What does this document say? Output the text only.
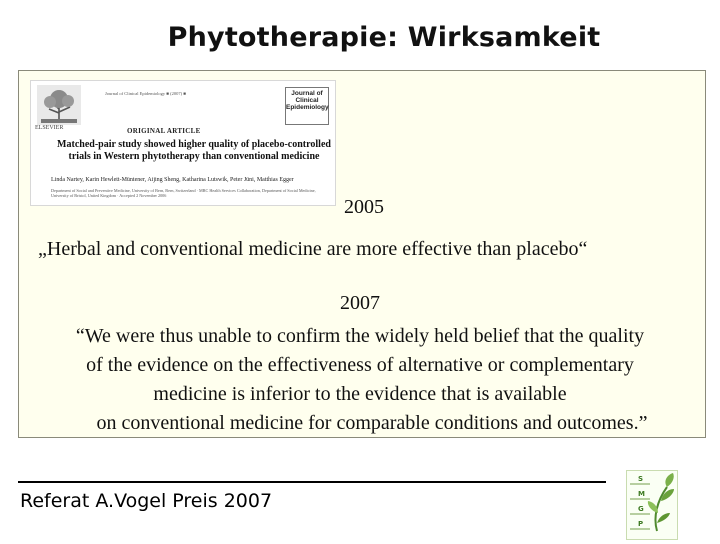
Phytotherapie: Wirksamkeit
ELSEVIER
Journal of Clinical Epidemiology ■ (2007) ■	Journal of Clinical Epidemiology
ORIGINAL ARTICLE
Matched-pair study showed higher quality of placebo-controlled trials in Western phytotherapy than conventional medicine
Linda Nartey, Karin Hewlett-Müntener, Aijing Sheng, Katharina Lutswik, Peter Jüni, Matthias Egger
Department of Social and Preventive Medicine, University of Bern, Bern, Switzerland · MRC Health Services Collaboration, Department of Social Medicine, University of Bristol, United Kingdom · Accepted 2 November 2006
2005
„Herbal and conventional medicine are more effective than placebo“
2007
“We were thus unable to confirm the widely held belief that the quality
of the evidence on the effectiveness of alternative or complementary
medicine is inferior to the evidence that is available
on conventional medicine for comparable conditions and outcomes.”
Referat A.Vogel Preis 2007
S
M
G
P
